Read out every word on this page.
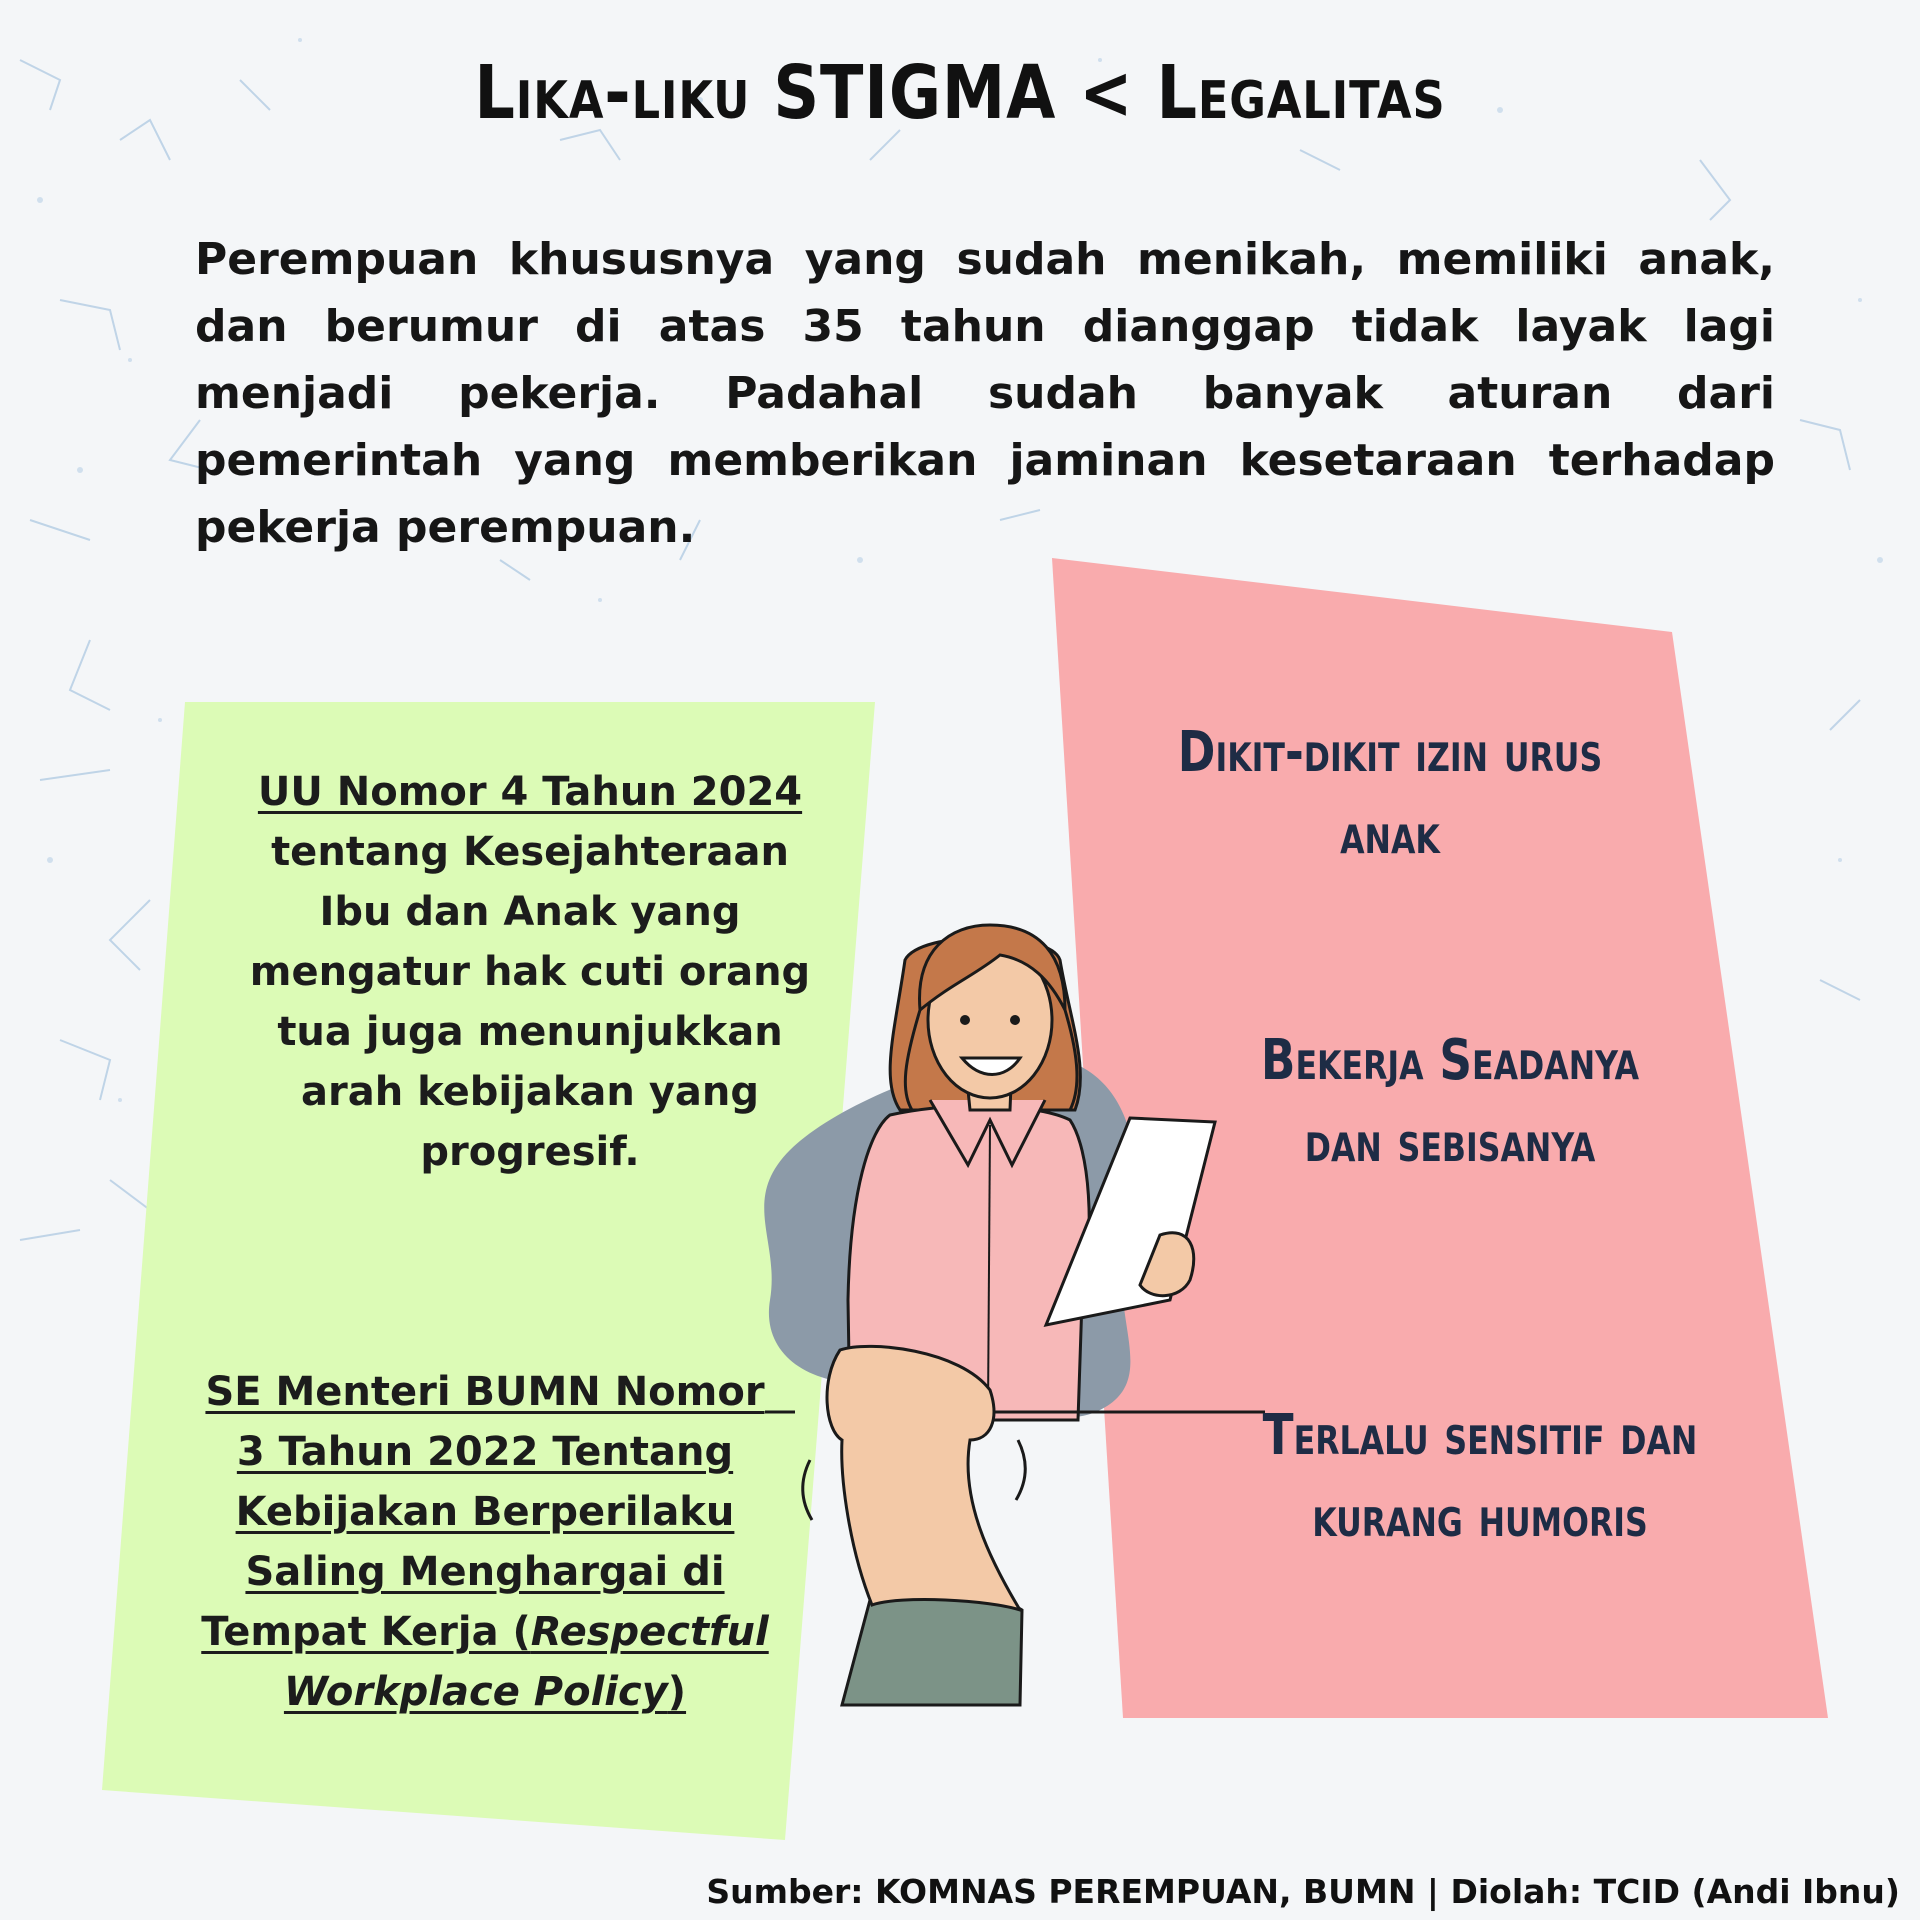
Lika-liku STIGMA < Legalitas
Perempuan khususnya yang sudah menikah, memiliki anak, dan berumur di atas 35 tahun dianggap tidak layak lagi menjadi pekerja. Padahal sudah banyak aturan dari pemerintah yang memberikan jaminan kesetaraan terhadap pekerja perempuan.
UU Nomor 4 Tahun 2024
tentang Kesejahteraan Ibu dan Anak yang mengatur hak cuti orang tua juga menunjukkan arah kebijakan yang progresif.
SE Menteri BUMN Nomor 3 Tahun 2022 Tentang Kebijakan Berperilaku Saling Menghargai di Tempat Kerja (Respectful Workplace Policy)
Dikit-dikit izin urus anak
Bekerja Seadanya dan sebisanya
Terlalu sensitif dan kurang humoris
Sumber: KOMNAS PEREMPUAN, BUMN | Diolah: TCID (Andi Ibnu)
